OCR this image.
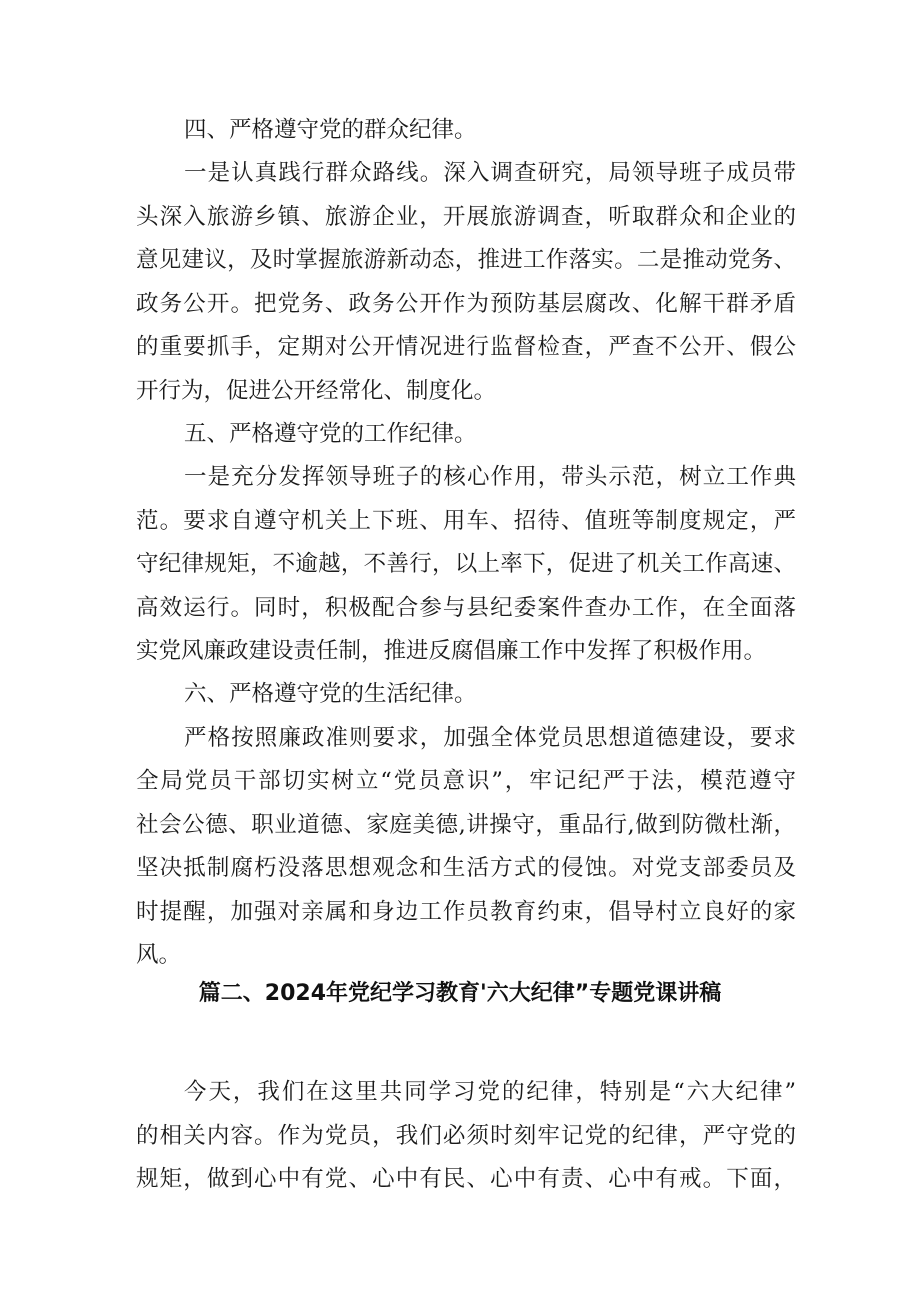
四、严格遵守党的群众纪律。

一是认真践行群众路线。深入调查研究，局领导班子成员带

头深入旅游乡镇、旅游企业，开展旅游调查，听取群众和企业的

意见建议，及时掌握旅游新动态，推进工作落实。二是推动党务、

政务公开。把党务、政务公开作为预防基层腐改、化解干群矛盾

的重要抓手，定期对公开情况进行监督检查，严查不公开、假公

开行为，促进公开经常化、制度化。

五、严格遵守党的工作纪律。

一是充分发挥领导班子的核心作用，带头示范，树立工作典

范。要求自遵守机关上下班、用车、招待、值班等制度规定，严

守纪律规矩，不逾越，不善行，以上率下，促进了机关工作高速、

高效运行。同时，积极配合参与县纪委案件查办工作，在全面落

实党风廉政建设责任制，推进反腐倡廉工作中发挥了积极作用。

六、严格遵守党的生活纪律。

严格按照廉政准则要求，加强全体党员思想道德建设，要求

全局党员干部切实树立“党员意识”，牢记纪严于法，模范遵守

社会公德、职业道德、家庭美德,讲操守，重品行,做到防微杜渐，

坚决抵制腐朽没落思想观念和生活方式的侵蚀。对党支部委员及

时提醒，加强对亲属和身边工作员教育约束，倡导村立良好的家

风。

篇二、2024年党纪学习教育'六大纪律”专题党课讲稿

今天，我们在这里共同学习党的纪律，特别是“六大纪律”

的相关内容。作为党员，我们必须时刻牢记党的纪律，严守党的

规矩，做到心中有党、心中有民、心中有责、心中有戒。下面，
